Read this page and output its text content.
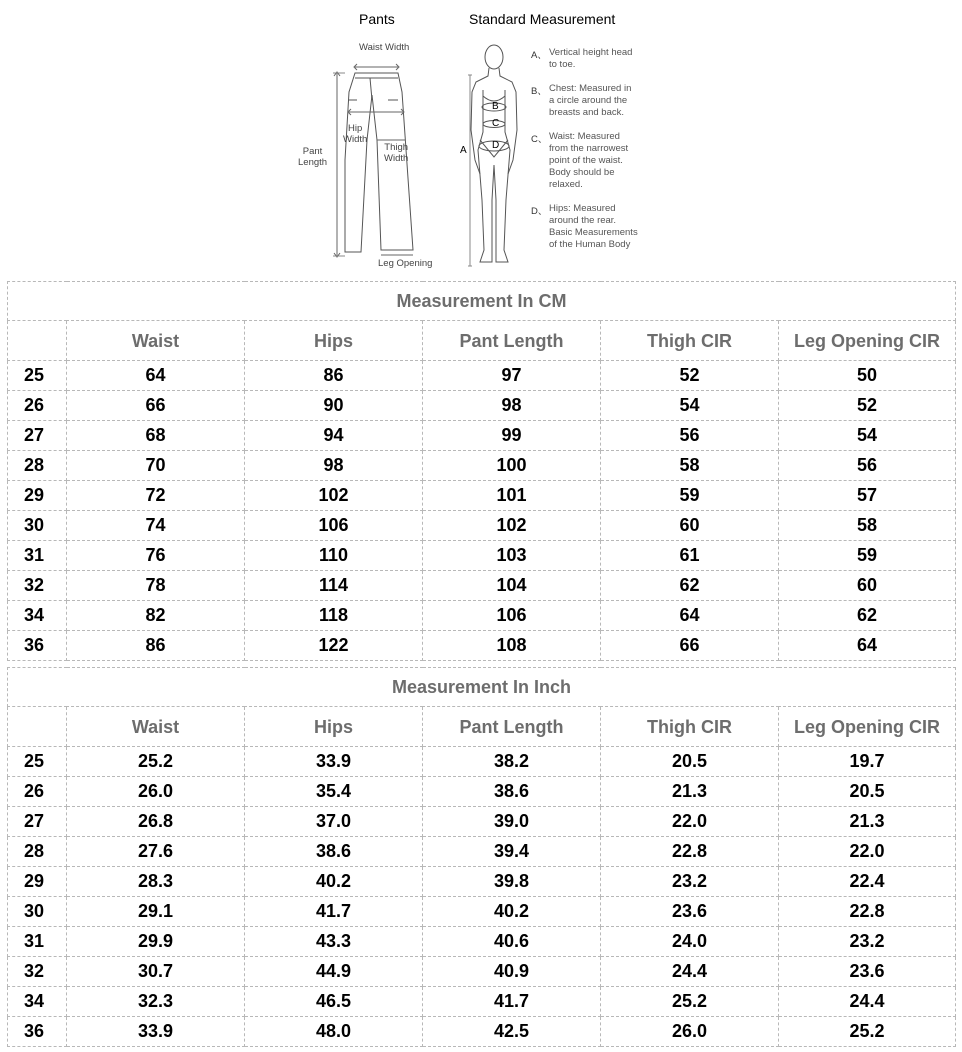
Pants	Standard Measurement
Waist Width
Hip
Width
Pant
Length
Thigh
Width
Leg Opening
A
B
C
D
A、 Vertical height head
to toe.
B、 Chest: Measured in
a circle around the
breasts and back.
C、 Waist: Measured
from the narrowest
point of the waist.
Body should be
relaxed.
D、 Hips: Measured
around the rear.
Basic Measurements
of the Human Body
Measurement In CM					
	Waist	Hips	Pant Length	Thigh CIR	Leg Opening CIR
25	64	86	97	52	50
26	66	90	98	54	52
27	68	94	99	56	54
28	70	98	100	58	56
29	72	102	101	59	57
30	74	106	102	60	58
31	76	110	103	61	59
32	78	114	104	62	60
34	82	118	106	64	62
36	86	122	108	66	64
Measurement In Inch					
	Waist	Hips	Pant Length	Thigh CIR	Leg Opening CIR
25	25.2	33.9	38.2	20.5	19.7
26	26.0	35.4	38.6	21.3	20.5
27	26.8	37.0	39.0	22.0	21.3
28	27.6	38.6	39.4	22.8	22.0
29	28.3	40.2	39.8	23.2	22.4
30	29.1	41.7	40.2	23.6	22.8
31	29.9	43.3	40.6	24.0	23.2
32	30.7	44.9	40.9	24.4	23.6
34	32.3	46.5	41.7	25.2	24.4
36	33.9	48.0	42.5	26.0	25.2
